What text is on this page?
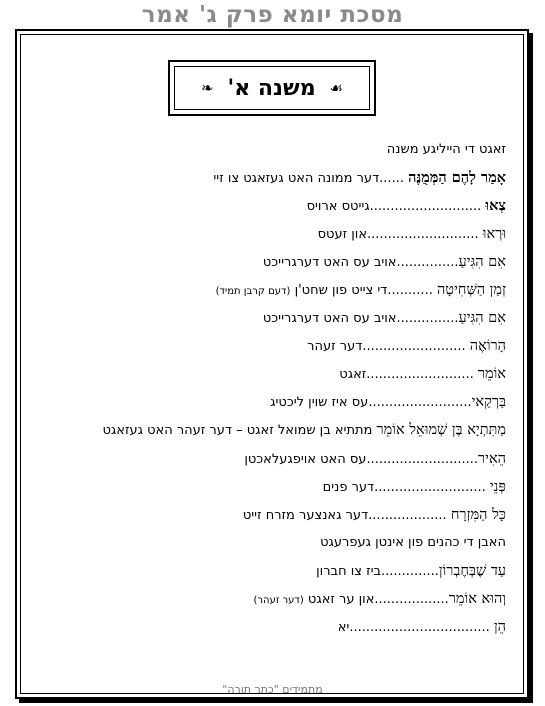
מסכת יומא פרק ג' אמר
☙
משנה א'
❧
זאגט די הייליגע משנה
אָמַר לָהֶם הַמְּמֻנֶּה ......דער ממונה האט געזאגט צו זיי
צְאוּ ...........................גייטס ארויס
וּרְאוּ ...........................און זעטס
אִם הִגִּיעַ...............אויב עס האט דערגרייכט
זְמַן הַשְּׁחִיטָה ...........די צייט פון שחט'ן (דעם קרבן תמיד)
אִם הִגִּיעַ...............אויב עס האט דערגרייכט
הָרוֹאֶה .........................דער זעהר
אוֹמֵר ..........................זאגט
בַּרְקַאי.........................עס איז שוין ליכטיג
מַתִּתְיָא בֶּן שְׁמוּאֵל אוֹמֵר מתתיא בן שמואל זאגט – דער זעהר האט געזאגט
הֵאִיר...........................עס האט אויפגעלאכטן
פְּנֵי ...........................דער פנים
כָּל הַמִּזְרָח ...................דער גאנצער מזרח זייט
האבן די כהנים פון אינטן געפרעגט
עַד שֶׁבְּחֶבְרוֹן..............ביז צו חברון
וְהוּא אוֹמֵר..................און ער זאגט (דער זעהר)
הֵן ..................................יא
מתמידים "כתר תורה"
